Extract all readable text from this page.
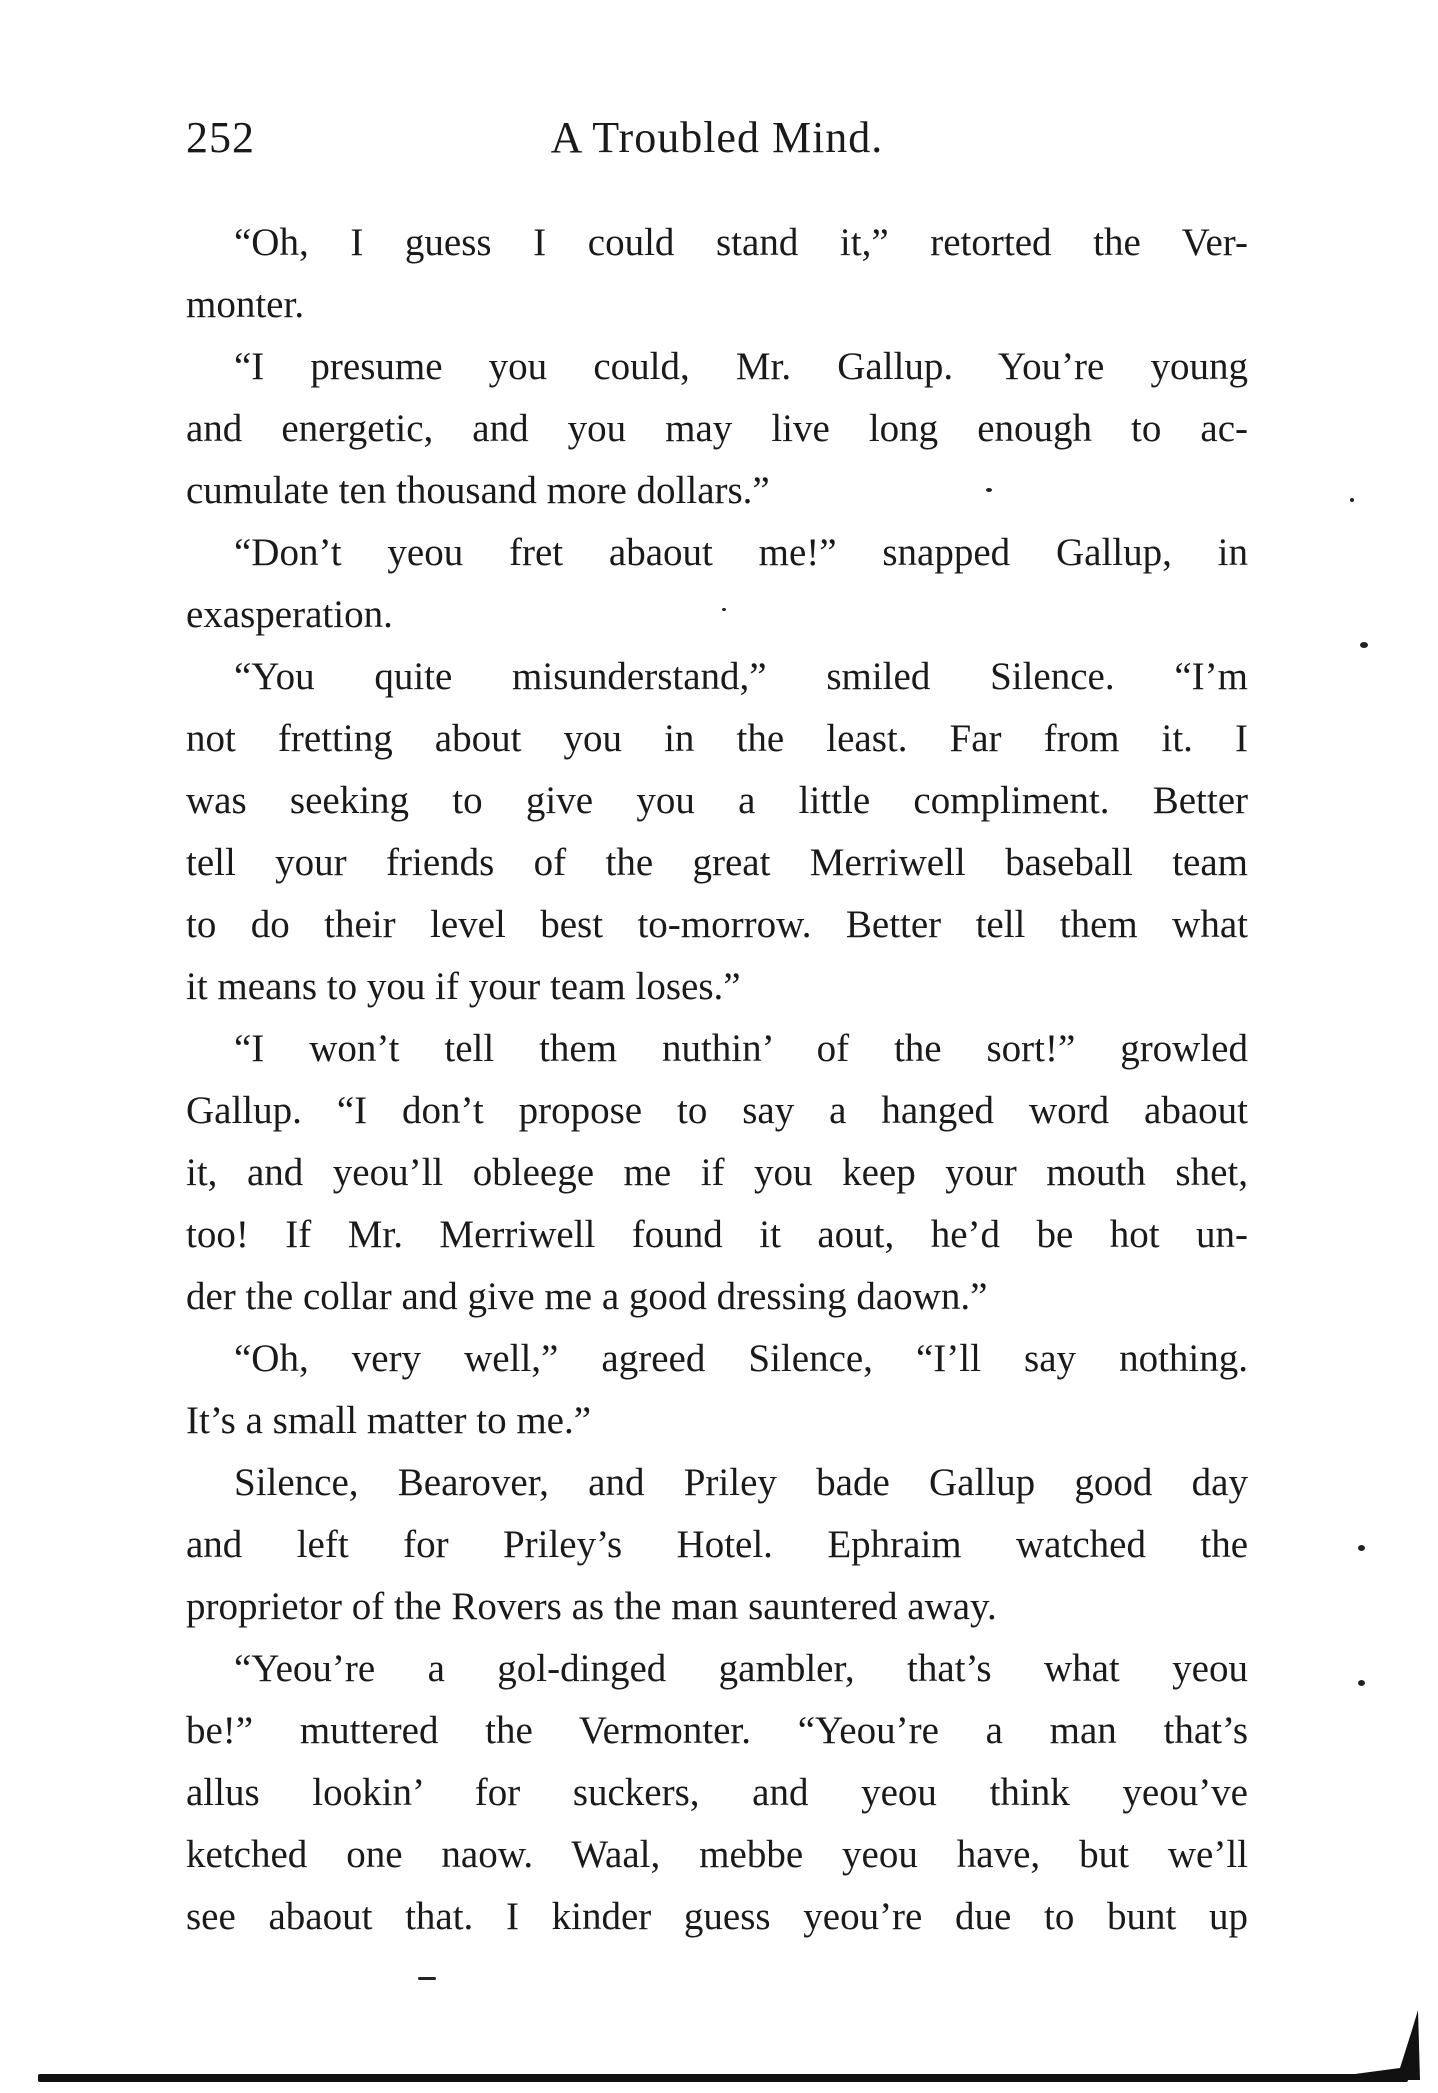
252	A Troubled Mind.
“Oh, I guess I could stand it,” retorted the Ver-
monter.
“I presume you could, Mr. Gallup. You’re young
and energetic, and you may live long enough to ac-
cumulate ten thousand more dollars.”
“Don’t yeou fret abaout me!” snapped Gallup, in
exasperation.
“You quite misunderstand,” smiled Silence. “I’m
not fretting about you in the least. Far from it. I
was seeking to give you a little compliment. Better
tell your friends of the great Merriwell baseball team
to do their level best to-morrow. Better tell them what
it means to you if your team loses.”
“I won’t tell them nuthin’ of the sort!” growled
Gallup. “I don’t propose to say a hanged word abaout
it, and yeou’ll obleege me if you keep your mouth shet,
too! If Mr. Merriwell found it aout, he’d be hot un-
der the collar and give me a good dressing daown.”
“Oh, very well,” agreed Silence, “I’ll say nothing.
It’s a small matter to me.”
Silence, Bearover, and Priley bade Gallup good day
and left for Priley’s Hotel. Ephraim watched the
proprietor of the Rovers as the man sauntered away.
“Yeou’re a gol-dinged gambler, that’s what yeou
be!” muttered the Vermonter. “Yeou’re a man that’s
allus lookin’ for suckers, and yeou think yeou’ve
ketched one naow. Waal, mebbe yeou have, but we’ll
see abaout that. I kinder guess yeou’re due to bunt up
